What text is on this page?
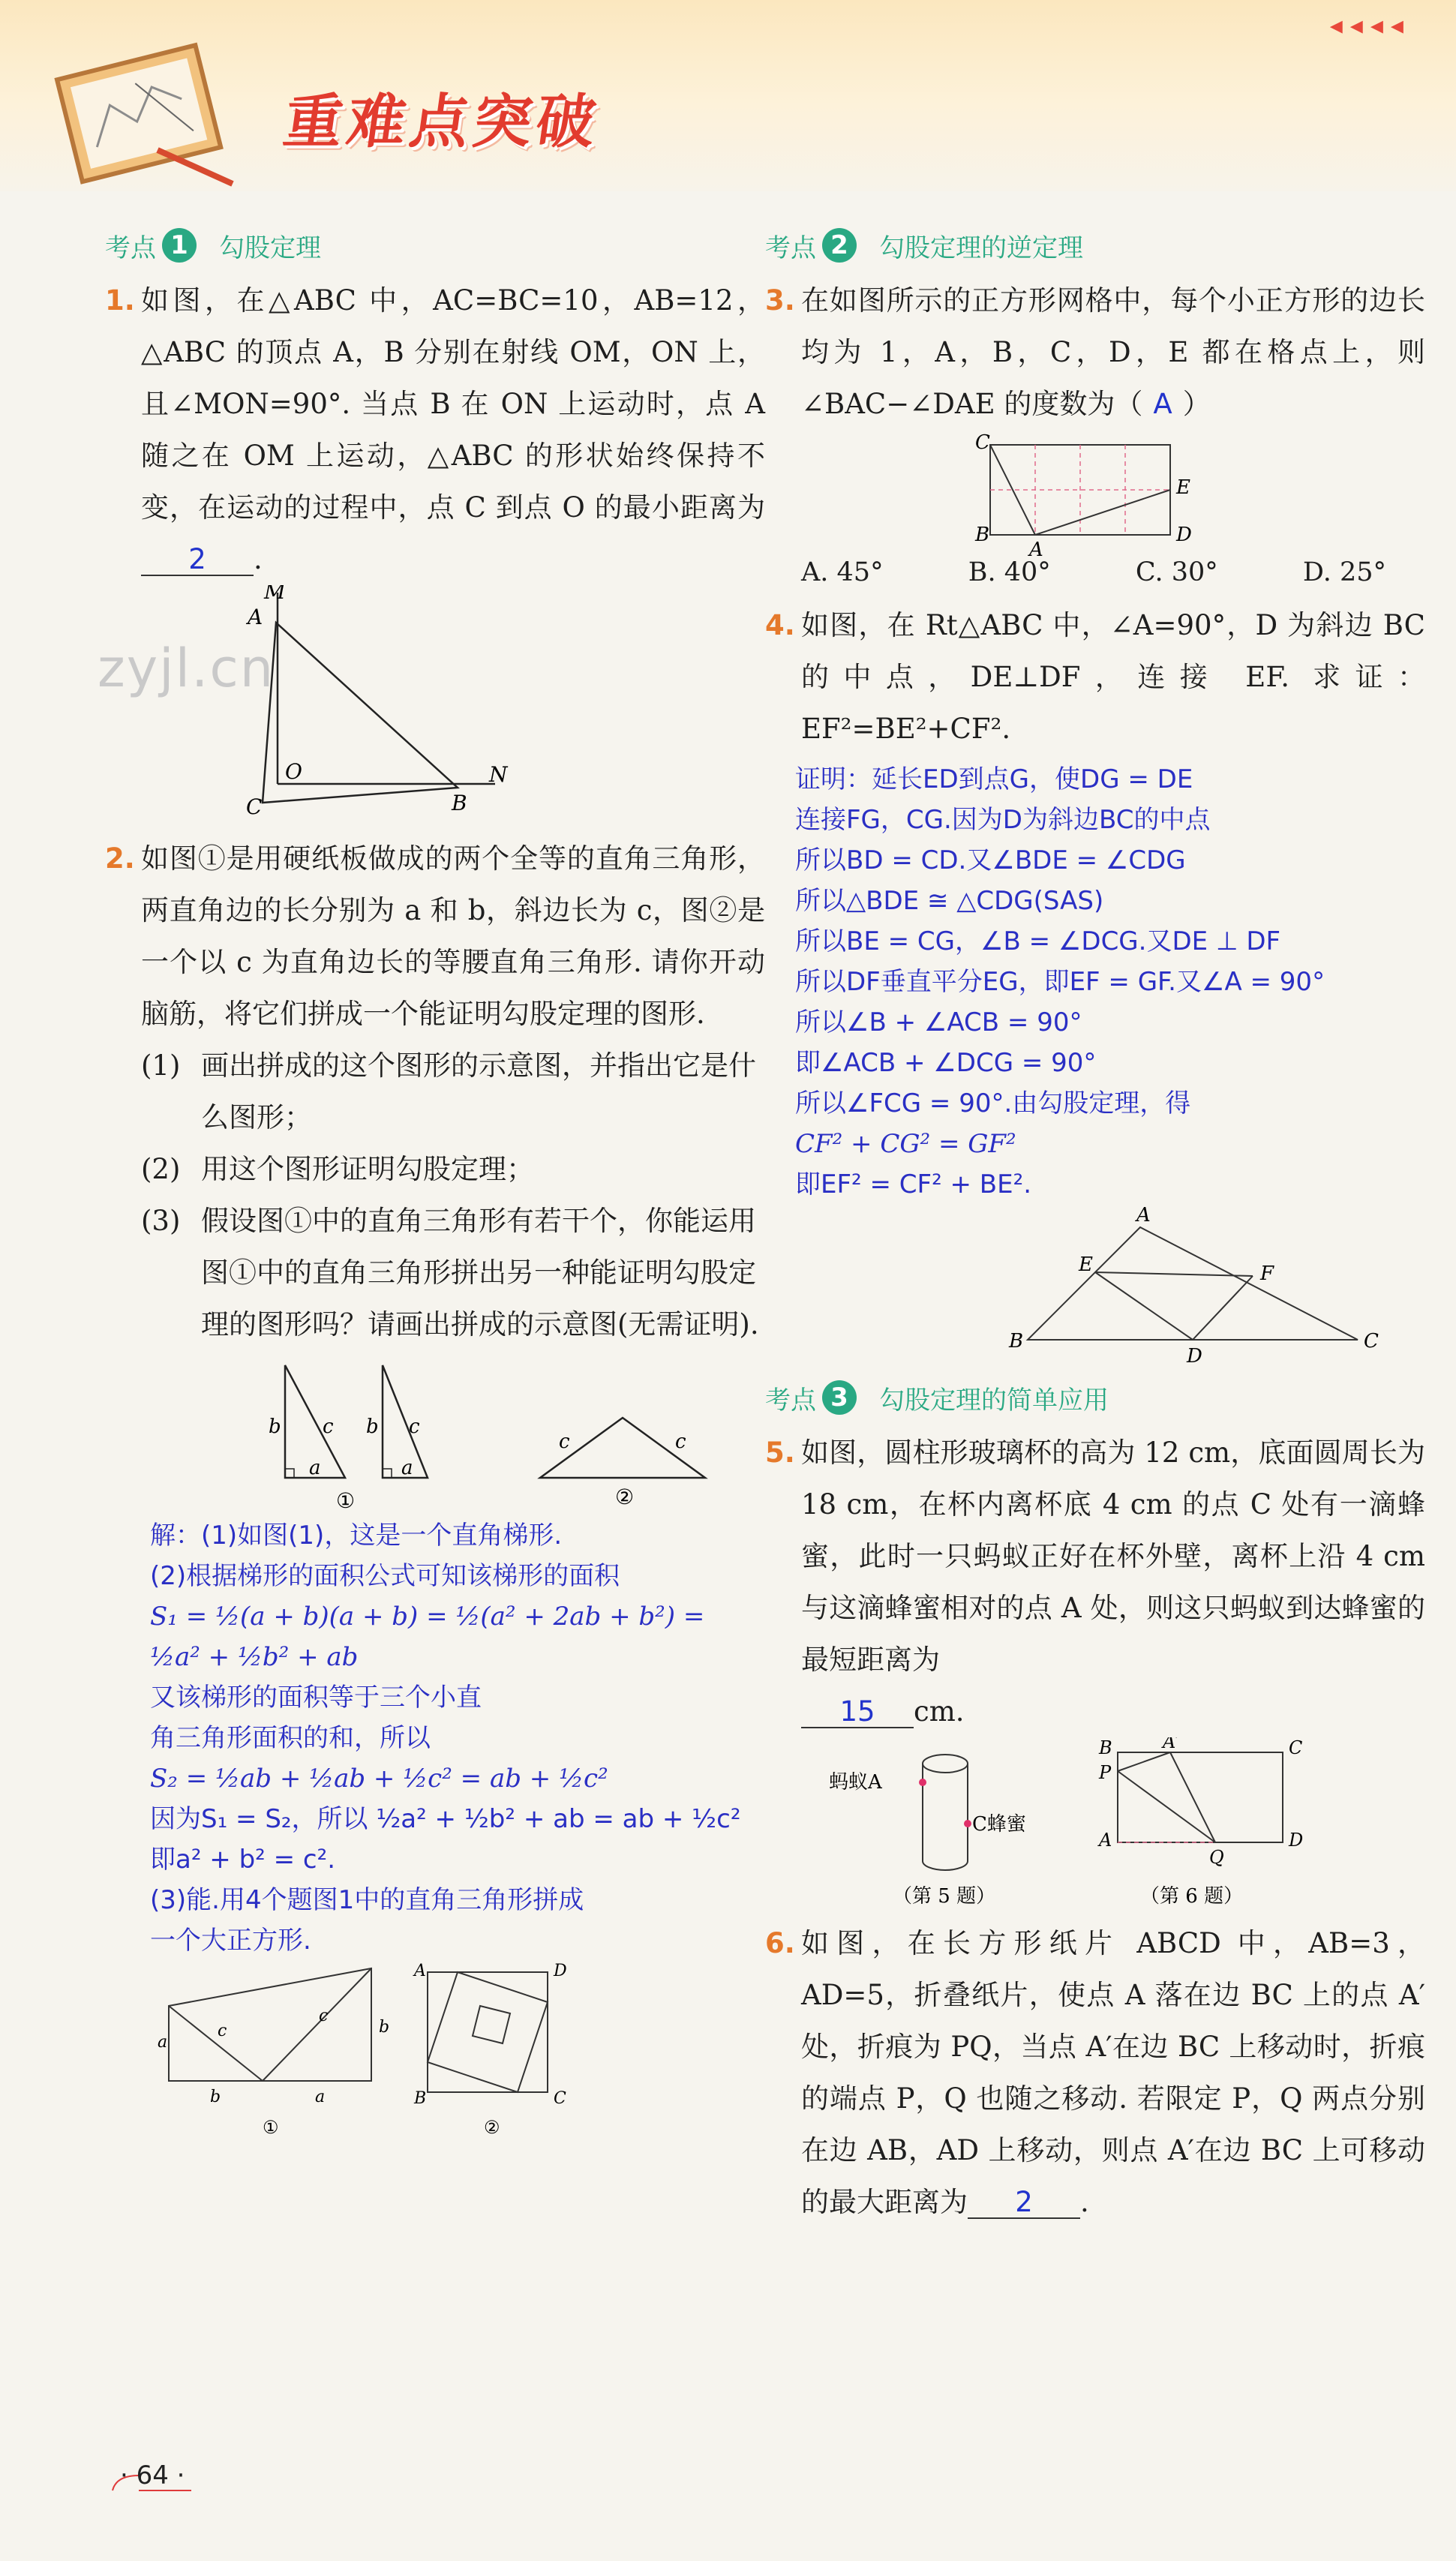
重难点突破
◂◂◂◂
zyjl.cn
考点 1	勾股定理
1. 如图，在△ABC 中，AC=BC=10，AB=12，△ABC 的顶点 A，B 分别在射线 OM，ON 上，且∠MON=90°. 当点 B 在 ON 上运动时，点 A 随之在 OM 上运动，△ABC 的形状始终保持不变，在运动的过程中，点 C 到点 O 的最小距离为2 .
M
A
O
C	B
N
2. 如图①是用硬纸板做成的两个全等的直角三角形，两直角边的长分别为 a 和 b，斜边长为 c，图②是一个以 c 为直角边长的等腰直角三角形. 请你开动脑筋，将它们拼成一个能证明勾股定理的图形.
(1) 画出拼成的这个图形的示意图，并指出它是什么图形；
(2) 用这个图形证明勾股定理；
(3) 假设图①中的直角三角形有若干个，你能运用图①中的直角三角形拼出另一种能证明勾股定理的图形吗？请画出拼成的示意图(无需证明).
b c
a
b c
a
c	c
①	②
解：(1)如图(1)，这是一个直角梯形.
(2)根据梯形的面积公式可知该梯形的面积
S₁ = ½(a + b)(a + b) = ½(a² + 2ab + b²) =
½a² + ½b² + ab
又该梯形的面积等于三个小直
角三角形面积的和，所以
S₂ = ½ab + ½ab + ½c² = ab + ½c²
因为S₁ = S₂，所以 ½a² + ½b² + ab = ab + ½c²
即a² + b² = c².
(3)能.用4个题图1中的直角三角形拼成
一个大正方形.
a
b	a
b
c
c
①
A	D
B	C
②
考点 2	勾股定理的逆定理
3. 在如图所示的正方形网格中，每个小正方形的边长均为 1，A，B，C，D，E 都在格点上，则∠BAC−∠DAE 的度数为（ A ）
C
B
A
D
E
A. 45°	B. 40°	C. 30°	D. 25°
4. 如图，在 Rt△ABC 中，∠A=90°，D 为斜边 BC 的中点，DE⊥DF，连接 EF. 求证：EF²=BE²+CF².
证明：延长ED到点G，使DG = DE
连接FG，CG.因为D为斜边BC的中点
所以BD = CD.又∠BDE = ∠CDG
所以△BDE ≅ △CDG(SAS)
所以BE = CG，∠B = ∠DCG.又DE ⊥ DF
所以DF垂直平分EG，即EF = GF.又∠A = 90°
所以∠B + ∠ACB = 90°
即∠ACB + ∠DCG = 90°
所以∠FCG = 90°.由勾股定理，得
CF² + CG² = GF²
即EF² = CF² + BE².
A
E	F
B
D
C
考点 3	勾股定理的简单应用
5. 如图，圆柱形玻璃杯的高为 12 cm，底面圆周长为18 cm，在杯内离杯底 4 cm 的点 C 处有一滴蜂蜜，此时一只蚂蚁正好在杯外壁，离杯上沿 4 cm 与这滴蜂蜜相对的点 A 处，则这只蚂蚁到达蜂蜜的最短距离为
15 cm.
蚂蚁A
C蜂蜜
（第 5 题）
B	A′	C
P
A
Q
D
（第 6 题）
6. 如图，在长方形纸片 ABCD 中，AB=3，AD=5，折叠纸片，使点 A 落在边 BC 上的点 A′处，折痕为 PQ，当点 A′在边 BC 上移动时，折痕的端点 P，Q 也随之移动. 若限定 P，Q 两点分别在边 AB，AD 上移动，则点 A′在边 BC 上可移动的最大距离为 2 .
· 64 ·
